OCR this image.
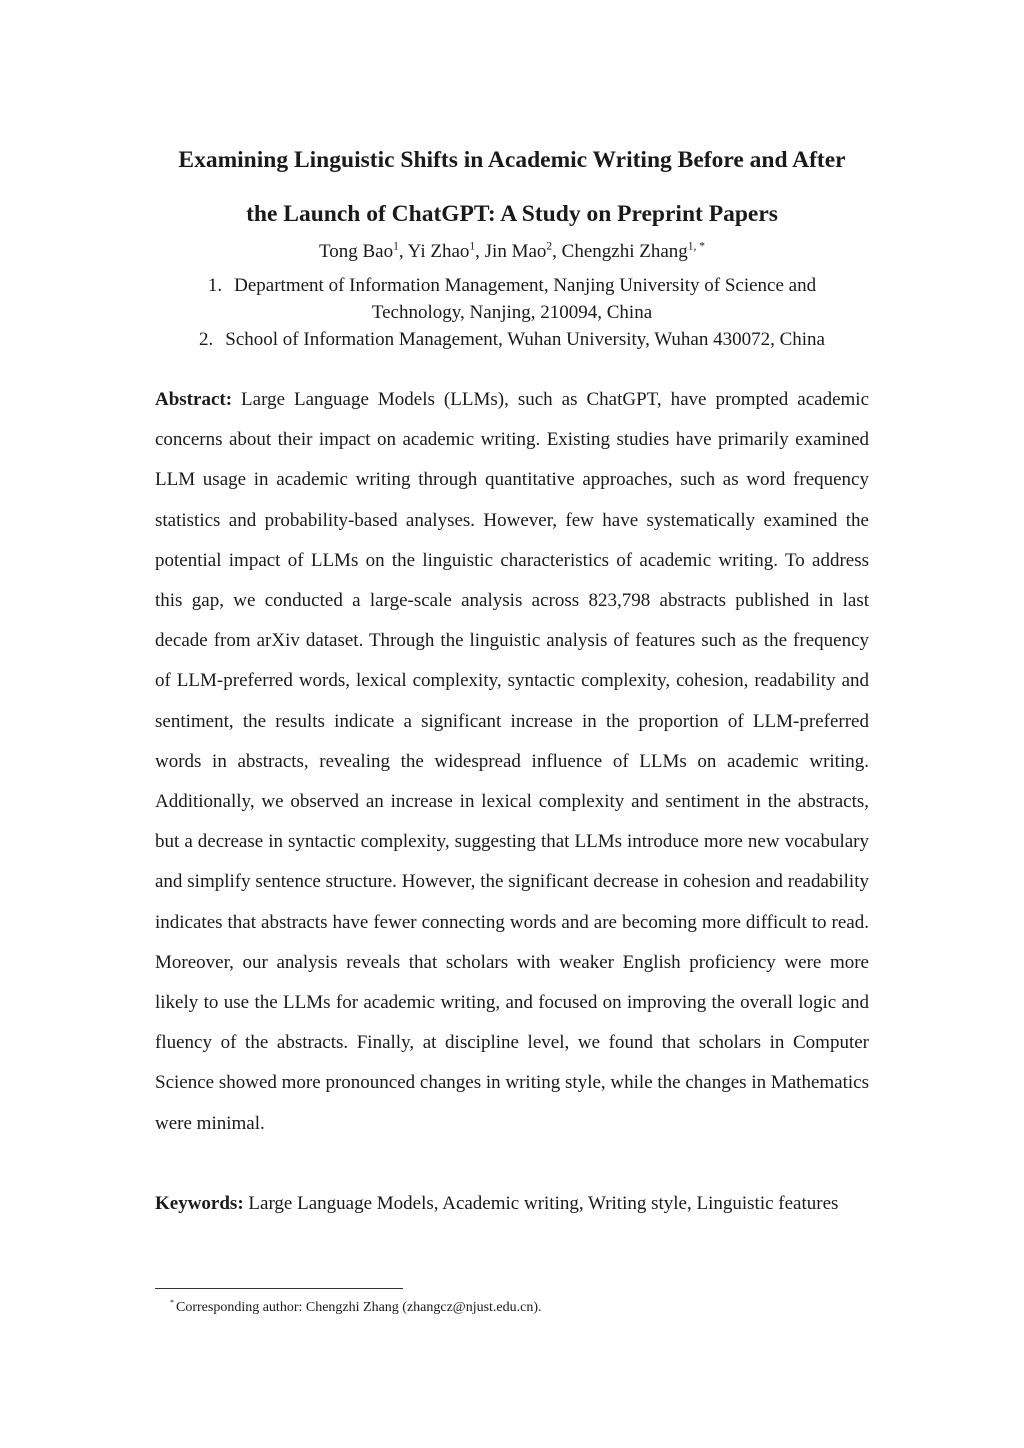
Examining Linguistic Shifts in Academic Writing Before and After
the Launch of ChatGPT: A Study on Preprint Papers

Tong Bao$^1$, Yi Zhao$^1$, Jin Mao$^2$, Chengzhi Zhang$^{1, *}$

1. Department of Information Management, Nanjing University of Science and
Technology, Nanjing, 210094, China
2. School of Information Management, Wuhan University, Wuhan 430072, China

Abstract: Large Language Models (LLMs), such as ChatGPT, have prompted academic concerns about their impact on academic writing. Existing studies have primarily examined LLM usage in academic writing through quantitative approaches, such as word frequency statistics and probability-based analyses. However, few have systematically examined the potential impact of LLMs on the linguistic characteristics of academic writing. To address this gap, we conducted a large-scale analysis across 823,798 abstracts published in last decade from arXiv dataset. Through the linguistic analysis of features such as the frequency of LLM-preferred words, lexical complexity, syntactic complexity, cohesion, readability and sentiment, the results indicate a significant increase in the proportion of LLM-preferred words in abstracts, revealing the widespread influence of LLMs on academic writing. Additionally, we observed an increase in lexical complexity and sentiment in the abstracts, but a decrease in syntactic complexity, suggesting that LLMs introduce more new vocabulary and simplify sentence structure. However, the significant decrease in cohesion and readability indicates that abstracts have fewer connecting words and are becoming more difficult to read. Moreover, our analysis reveals that scholars with weaker English proficiency were more likely to use the LLMs for academic writing, and focused on improving the overall logic and fluency of the abstracts. Finally, at discipline level, we found that scholars in Computer Science showed more pronounced changes in writing style, while the changes in Mathematics were minimal.

Keywords: Large Language Models, Academic writing, Writing style, Linguistic features

* Corresponding author: Chengzhi Zhang (zhangcz@njust.edu.cn).
